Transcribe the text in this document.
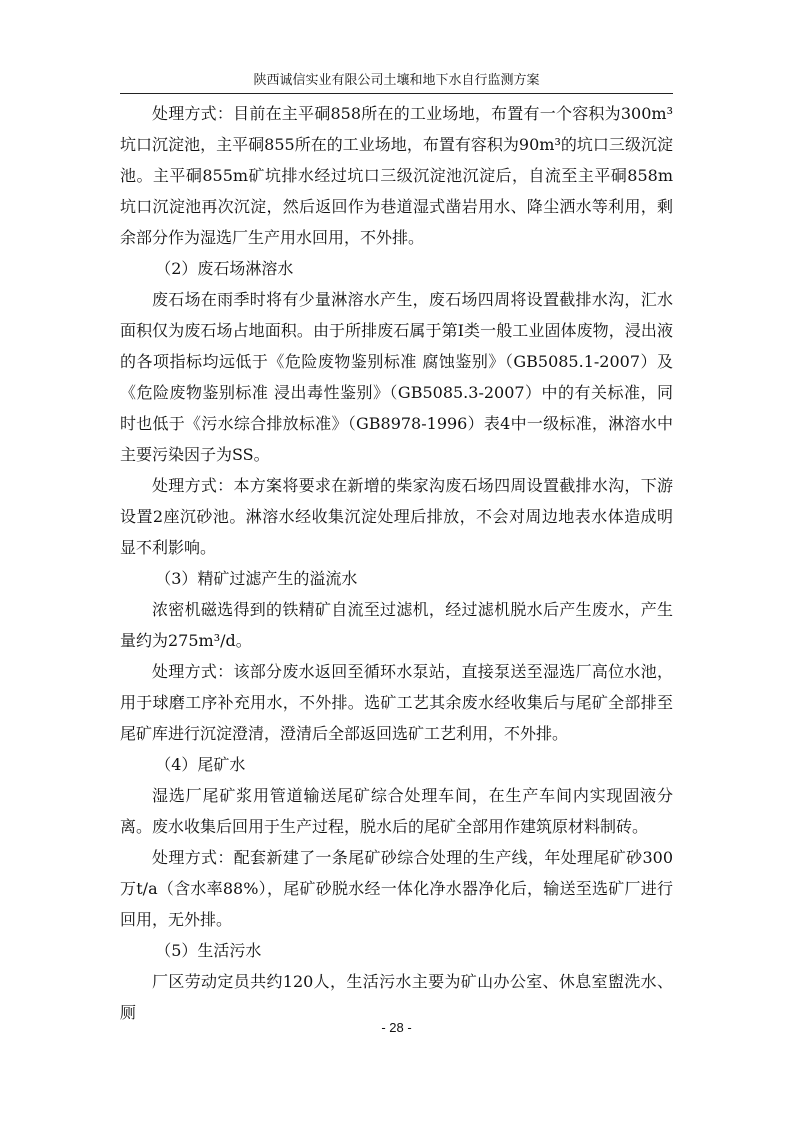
陕西诚信实业有限公司土壤和地下水自行监测方案

处理方式：目前在主平硐858所在的工业场地，布置有一个容积为300m³坑口沉淀池，主平硐855所在的工业场地，布置有容积为90m³的坑口三级沉淀池。主平硐855m矿坑排水经过坑口三级沉淀池沉淀后，自流至主平硐858m坑口沉淀池再次沉淀，然后返回作为巷道湿式凿岩用水、降尘洒水等利用，剩余部分作为湿选厂生产用水回用，不外排。

（2）废石场淋溶水

废石场在雨季时将有少量淋溶水产生，废石场四周将设置截排水沟，汇水面积仅为废石场占地面积。由于所排废石属于第Ⅰ类一般工业固体废物，浸出液的各项指标均远低于《危险废物鉴别标准 腐蚀鉴别》（GB5085.1-2007）及《危险废物鉴别标准 浸出毒性鉴别》（GB5085.3-2007）中的有关标准，同时也低于《污水综合排放标准》（GB8978-1996）表4中一级标准，淋溶水中主要污染因子为SS。

处理方式：本方案将要求在新增的柴家沟废石场四周设置截排水沟，下游设置2座沉砂池。淋溶水经收集沉淀处理后排放，不会对周边地表水体造成明显不利影响。

（3）精矿过滤产生的溢流水

浓密机磁选得到的铁精矿自流至过滤机，经过滤机脱水后产生废水，产生量约为275m³/d。

处理方式：该部分废水返回至循环水泵站，直接泵送至湿选厂高位水池，用于球磨工序补充用水，不外排。选矿工艺其余废水经收集后与尾矿全部排至尾矿库进行沉淀澄清，澄清后全部返回选矿工艺利用，不外排。

（4）尾矿水

湿选厂尾矿浆用管道输送尾矿综合处理车间，在生产车间内实现固液分离。废水收集后回用于生产过程，脱水后的尾矿全部用作建筑原材料制砖。

处理方式：配套新建了一条尾矿砂综合处理的生产线，年处理尾矿砂300万t/a（含水率88%），尾矿砂脱水经一体化净水器净化后，输送至选矿厂进行回用，无外排。

（5）生活污水

厂区劳动定员共约120人，生活污水主要为矿山办公室、休息室盥洗水、厕

- 28 -
